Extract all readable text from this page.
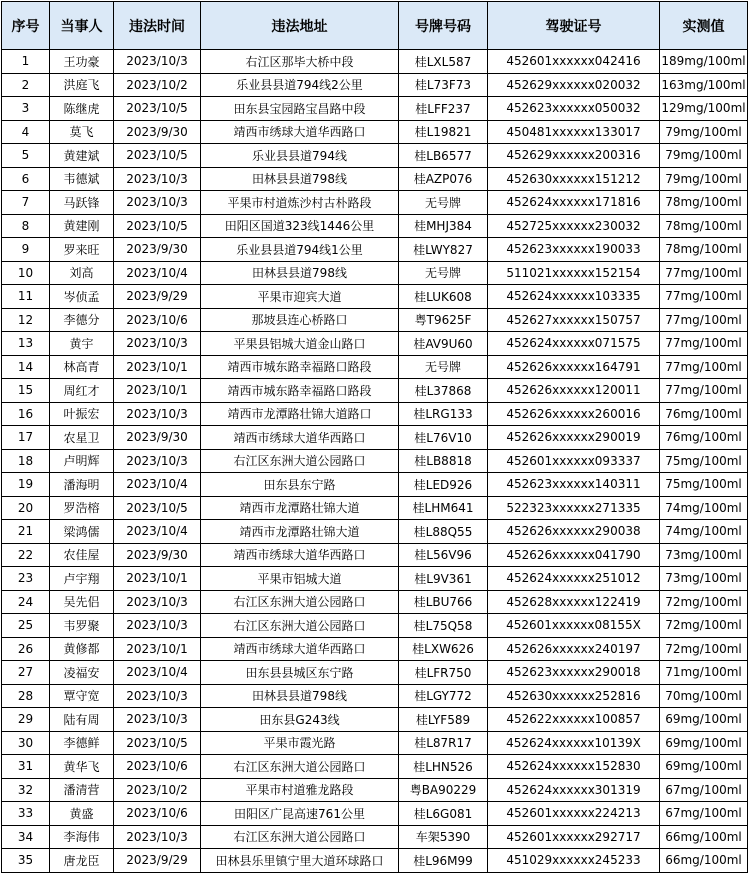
序号	当事人	违法时间	违法地址	号牌号码	驾驶证号	实测值
1	王功豪	2023/10/3	右江区那毕大桥中段	桂LXL587	452601xxxxxx042416	189mg/100ml
2	洪庭飞	2023/10/2	乐业县县道794线2公里	桂L73F73	452629xxxxxx020032	163mg/100ml
3	陈继虎	2023/10/5	田东县宝园路宝昌路中段	桂LFF237	452623xxxxxx050032	129mg/100ml
4	莫飞	2023/9/30	靖西市绣球大道华西路口	桂L19821	450481xxxxxx133017	79mg/100ml
5	黄建斌	2023/10/5	乐业县县道794线	桂LB6577	452629xxxxxx200316	79mg/100ml
6	韦德斌	2023/10/3	田林县县道798线	桂AZP076	452630xxxxxx151212	79mg/100ml
7	马跃锋	2023/10/3	平果市村道炼沙村古朴路段	无号牌	452624xxxxxx171816	78mg/100ml
8	黄建刚	2023/10/5	田阳区国道323线1446公里	桂MHJ384	452725xxxxxx230032	78mg/100ml
9	罗来旺	2023/9/30	乐业县县道794线1公里	桂LWY827	452623xxxxxx190033	78mg/100ml
10	刘高	2023/10/4	田林县县道798线	无号牌	511021xxxxxx152154	77mg/100ml
11	岑侦孟	2023/9/29	平果市迎宾大道	桂LUK608	452624xxxxxx103335	77mg/100ml
12	李德分	2023/10/6	那坡县连心桥路口	粤T9625F	452627xxxxxx150757	77mg/100ml
13	黄宇	2023/10/3	平果县铝城大道金山路口	桂AV9U60	452624xxxxxx071575	77mg/100ml
14	林高青	2023/10/1	靖西市城东路幸福路口路段	无号牌	452626xxxxxx164791	77mg/100ml
15	周红才	2023/10/1	靖西市城东路幸福路口路段	桂L37868	452626xxxxxx120011	77mg/100ml
16	叶振宏	2023/10/3	靖西市龙潭路壮锦大道路口	桂LRG133	452626xxxxxx260016	76mg/100ml
17	农星卫	2023/9/30	靖西市绣球大道华西路口	桂L76V10	452626xxxxxx290019	76mg/100ml
18	卢明辉	2023/10/3	右江区东洲大道公园路口	桂LB8818	452601xxxxxx093337	75mg/100ml
19	潘海明	2023/10/4	田东县东宁路	桂LED926	452623xxxxxx140311	75mg/100ml
20	罗浩榕	2023/10/5	靖西市龙潭路壮锦大道	桂LHM641	522323xxxxxx271335	74mg/100ml
21	梁鸿儒	2023/10/4	靖西市龙潭路壮锦大道	桂L88Q55	452626xxxxxx290038	74mg/100ml
22	农佳屋	2023/9/30	靖西市绣球大道华西路口	桂L56V96	452626xxxxxx041790	73mg/100ml
23	卢宇翔	2023/10/1	平果市铝城大道	桂L9V361	452624xxxxxx251012	73mg/100ml
24	吴先侣	2023/10/3	右江区东洲大道公园路口	桂LBU766	452628xxxxxx122419	72mg/100ml
25	韦罗聚	2023/10/3	右江区东洲大道公园路口	桂L75Q58	452601xxxxxx08155X	72mg/100ml
26	黄修都	2023/10/1	靖西市绣球大道华西路口	桂LXW626	452626xxxxxx240197	72mg/100ml
27	凌福安	2023/10/4	田东县县城区东宁路	桂LFR750	452623xxxxxx290018	71mg/100ml
28	覃守宽	2023/10/3	田林县县道798线	桂LGY772	452630xxxxxx252816	70mg/100ml
29	陆有周	2023/10/3	田东县G243线	桂LYF589	452622xxxxxx100857	69mg/100ml
30	李德鲜	2023/10/5	平果市霞光路	桂L87R17	452624xxxxxx10139X	69mg/100ml
31	黄华飞	2023/10/6	右江区东洲大道公园路口	桂LHN526	452624xxxxxx152830	69mg/100ml
32	潘清营	2023/10/2	平果市村道雅龙路段	粤BA90229	452624xxxxxx301319	67mg/100ml
33	黄盛	2023/10/6	田阳区广昆高速761公里	桂L6G081	452601xxxxxx224213	67mg/100ml
34	李海伟	2023/10/3	右江区东洲大道公园路口	车架5390	452601xxxxxx292717	66mg/100ml
35	唐龙臣	2023/9/29	田林县乐里镇宁里大道环球路口	桂L96M99	451029xxxxxx245233	66mg/100ml
